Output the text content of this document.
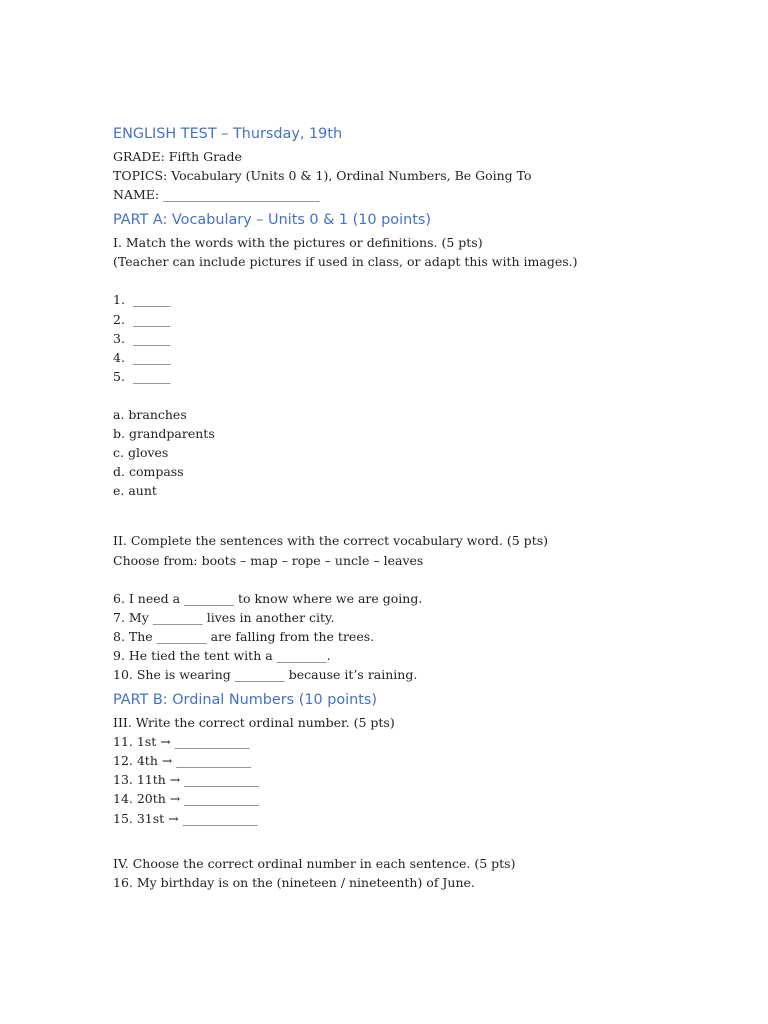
ENGLISH TEST – Thursday, 19th
GRADE: Fifth Grade
TOPICS: Vocabulary (Units 0 & 1), Ordinal Numbers, Be Going To
NAME: _________________________
PART A: Vocabulary – Units 0 & 1 (10 points)
I. Match the words with the pictures or definitions. (5 pts)
(Teacher can include pictures if used in class, or adapt this with images.)
1.  ______
2.  ______
3.  ______
4.  ______
5.  ______
a. branches
b. grandparents
c. gloves
d. compass
e. aunt
II. Complete the sentences with the correct vocabulary word. (5 pts)
Choose from: boots – map – rope – uncle – leaves
6. I need a ________ to know where we are going.
7. My ________ lives in another city.
8. The ________ are falling from the trees.
9. He tied the tent with a ________.
10. She is wearing ________ because it’s raining.
PART B: Ordinal Numbers (10 points)
III. Write the correct ordinal number. (5 pts)
11. 1st → ____________
12. 4th → ____________
13. 11th → ____________
14. 20th → ____________
15. 31st → ____________
IV. Choose the correct ordinal number in each sentence. (5 pts)
16. My birthday is on the (nineteen / nineteenth) of June.
